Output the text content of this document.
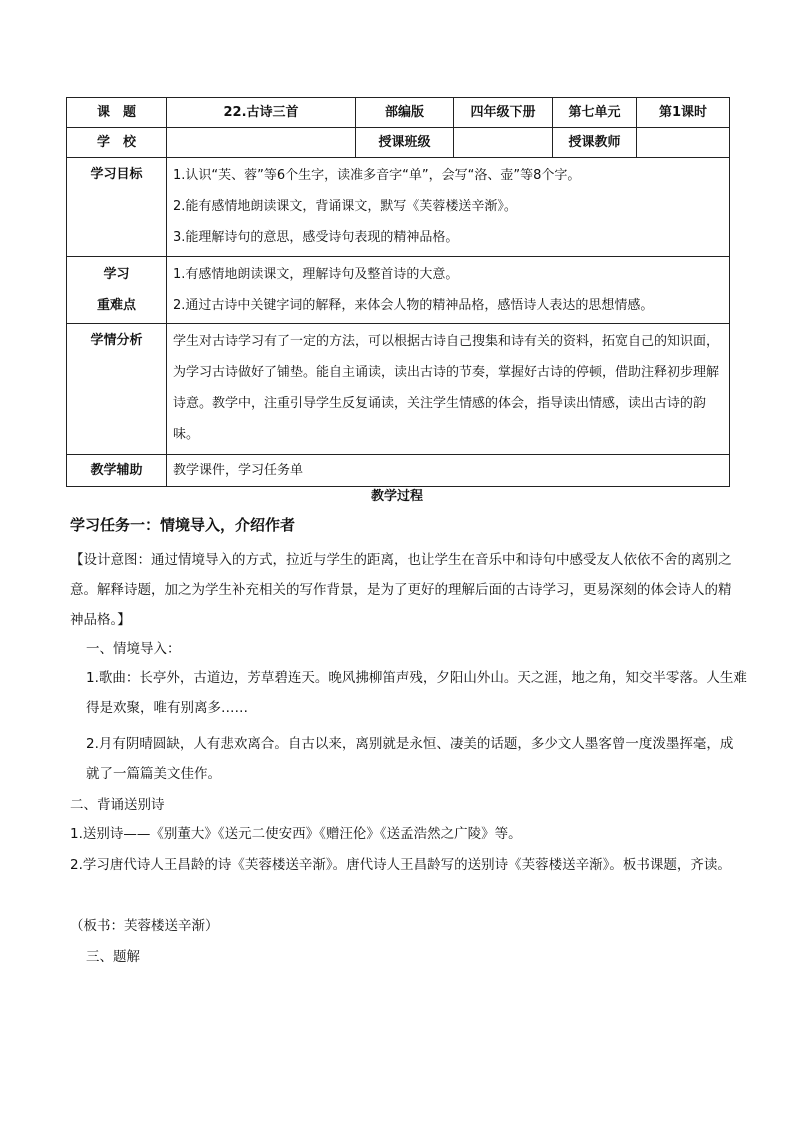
课　题	22.古诗三首	部编版	四年级下册	第七单元	第1课时
学　校		授课班级		授课教师	
学习目标	1.认识“芙、蓉”等6个生字，读准多音字“单”，会写“洛、壶”等8个字。
2.能有感情地朗读课文，背诵课文，默写《芙蓉楼送辛渐》。
3.能理解诗句的意思，感受诗句表现的精神品格。				

学习
重难点	1.有感情地朗读课文，理解诗句及整首诗的大意。
2.通过古诗中关键字词的解释，来体会人物的精神品格，感悟诗人表达的思想情感。				

学情分析	学生对古诗学习有了一定的方法，可以根据古诗自己搜集和诗有关的资料，拓宽自己的知识面，为学习古诗做好了铺垫。能自主诵读，读出古诗的节奏，掌握好古诗的停顿，借助注释初步理解诗意。教学中，注重引导学生反复诵读，关注学生情感的体会，指导读出情感，读出古诗的韵味。				

教学辅助	教学课件，学习任务单				
教学过程
学习任务一：情境导入，介绍作者
【设计意图：通过情境导入的方式，拉近与学生的距离，也让学生在音乐中和诗句中感受友人依依不舍的离别之意。解释诗题，加之为学生补充相关的写作背景，是为了更好的理解后面的古诗学习，更易深刻的体会诗人的精神品格。】
一、情境导入：
1.歌曲：长亭外，古道边，芳草碧连天。晚风拂柳笛声残，夕阳山外山。天之涯，地之角，知交半零落。人生难得是欢聚，唯有别离多……
2.月有阴晴圆缺，人有悲欢离合。自古以来，离别就是永恒、凄美的话题，多少文人墨客曾一度泼墨挥毫，成就了一篇篇美文佳作。
二、背诵送别诗
1.送别诗——《别董大》《送元二使安西》《赠汪伦》《送孟浩然之广陵》等。
2.学习唐代诗人王昌龄的诗《芙蓉楼送辛渐》。唐代诗人王昌龄写的送别诗《芙蓉楼送辛渐》。板书课题，齐读。
（板书：芙蓉楼送辛渐）
三、题解
